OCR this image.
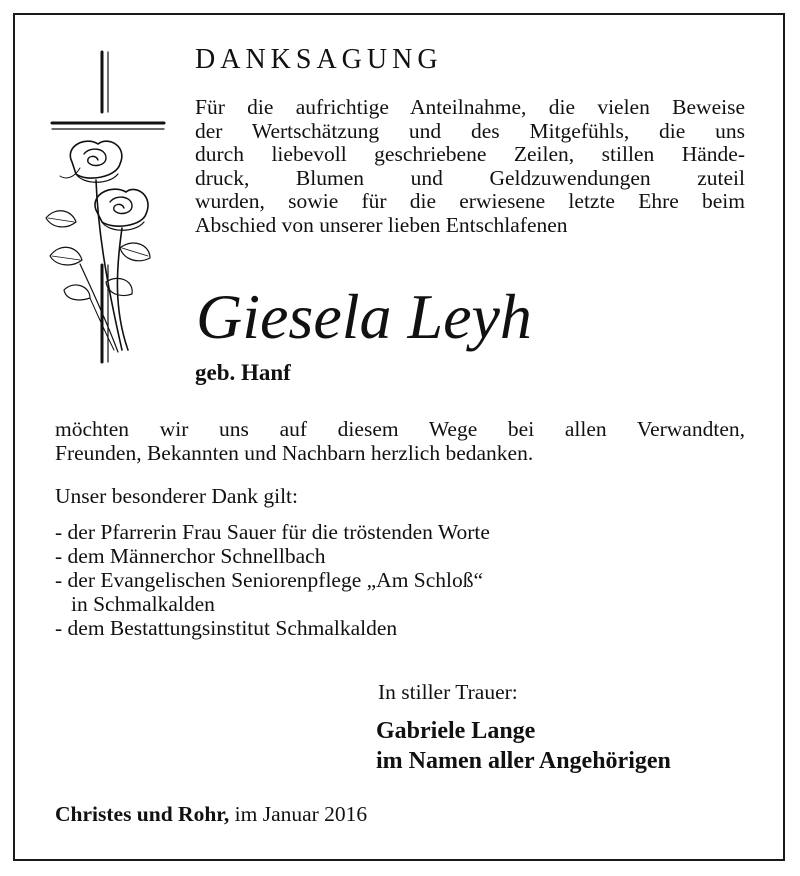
DANKSAGUNG

Für die aufrichtige Anteilnahme, die vielen Beweise
der Wertschätzung und des Mitgefühls, die uns
durch liebevoll geschriebene Zeilen, stillen Hände-
druck, Blumen und Geldzuwendungen zuteil
wurden, sowie für die erwiesene letzte Ehre beim
Abschied von unserer lieben Entschlafenen

Giesela Leyh

geb. Hanf

möchten wir uns auf diesem Wege bei allen Verwandten,
Freunden, Bekannten und Nachbarn herzlich bedanken.

Unser besonderer Dank gilt:

- der Pfarrerin Frau Sauer für die tröstenden Worte
- dem Männerchor Schnellbach
- der Evangelischen Seniorenpflege „Am Schloß“
in Schmalkalden
- dem Bestattungsinstitut Schmalkalden

In stiller Trauer:

Gabriele Lange
im Namen aller Angehörigen

Christes und Rohr, im Januar 2016
